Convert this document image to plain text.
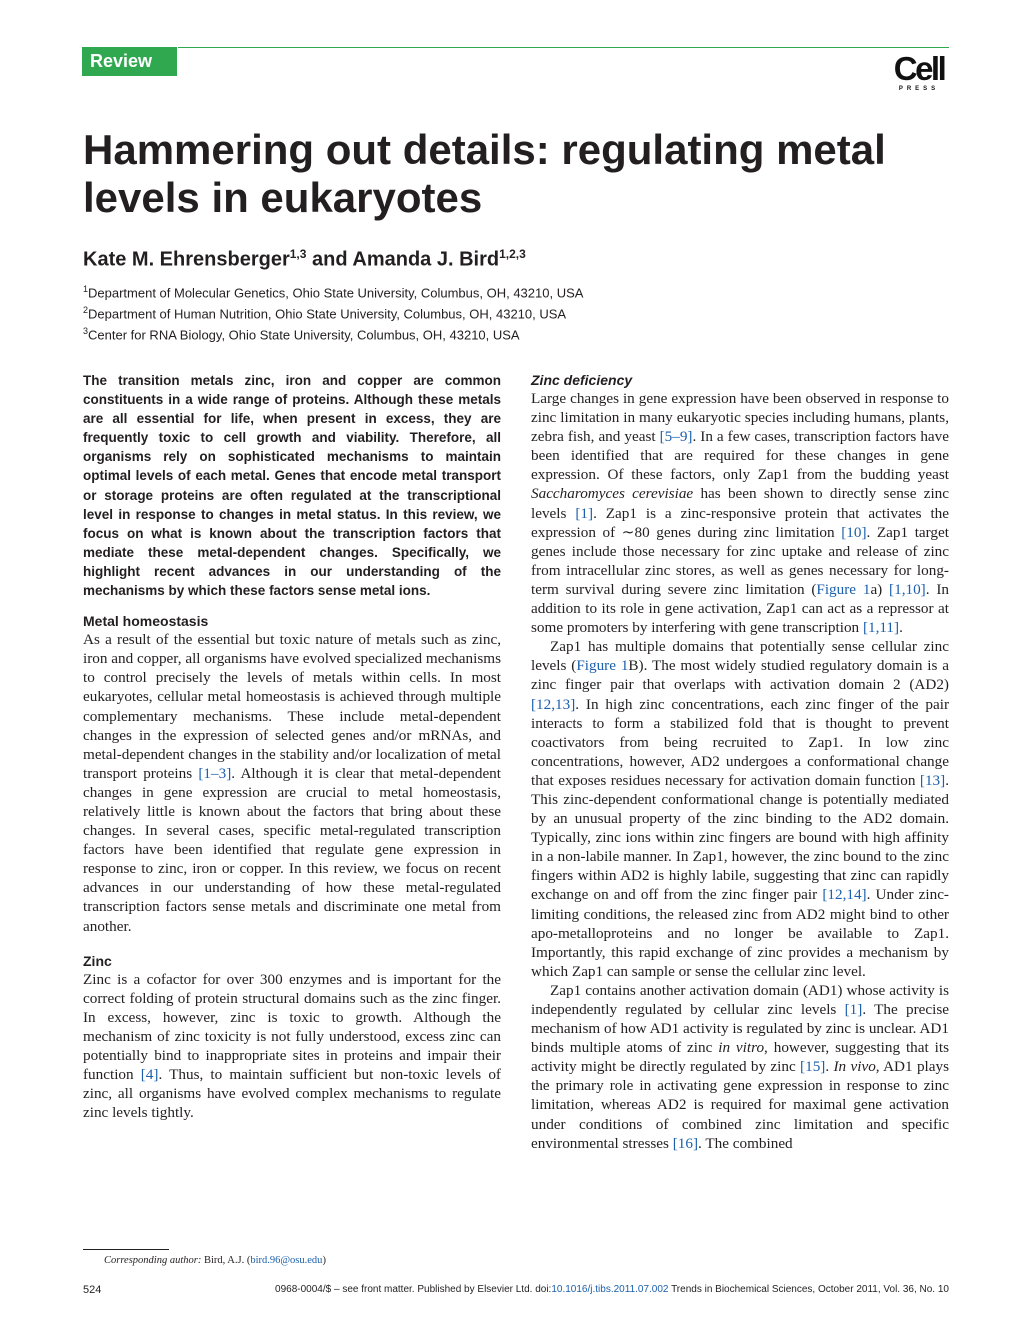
Review	Cell
PRESS
Hammering out details: regulating metal levels in eukaryotes
Kate M. Ehrensberger$^{1,3}$ and Amanda J. Bird$^{1,2,3}$
$^1$Department of Molecular Genetics, Ohio State University, Columbus, OH, 43210, USA
$^2$Department of Human Nutrition, Ohio State University, Columbus, OH, 43210, USA
$^3$Center for RNA Biology, Ohio State University, Columbus, OH, 43210, USA

The transition metals zinc, iron and copper are common constituents in a wide range of proteins. Although these metals are all essential for life, when present in excess, they are frequently toxic to cell growth and viability. Therefore, all organisms rely on sophisticated mechanisms to maintain optimal levels of each metal. Genes that encode metal transport or storage proteins are often regulated at the transcriptional level in response to changes in metal status. In this review, we focus on what is known about the transcription factors that mediate these metal-dependent changes. Specifically, we highlight recent advances in our understanding of the mechanisms by which these factors sense metal ions.

Metal homeostasis

As a result of the essential but toxic nature of metals such as zinc, iron and copper, all organisms have evolved specialized mechanisms to control precisely the levels of metals within cells. In most eukaryotes, cellular metal homeostasis is achieved through multiple complementary mechanisms. These include metal-dependent changes in the expression of selected genes and/or mRNAs, and metal-dependent changes in the stability and/or localization of metal transport proteins [1–3]. Although it is clear that metal-dependent changes in gene expression are crucial to metal homeostasis, relatively little is known about the factors that bring about these changes. In several cases, specific metal-regulated transcription factors have been identified that regulate gene expression in response to zinc, iron or copper. In this review, we focus on recent advances in our understanding of how these metal-regulated transcription factors sense metals and discriminate one metal from another.

Zinc

Zinc is a cofactor for over 300 enzymes and is important for the correct folding of protein structural domains such as the zinc finger. In excess, however, zinc is toxic to growth. Although the mechanism of zinc toxicity is not fully understood, excess zinc can potentially bind to inappropriate sites in proteins and impair their function [4]. Thus, to maintain sufficient but non-toxic levels of zinc, all organisms have evolved complex mechanisms to regulate zinc levels tightly.

Zinc deficiency

Large changes in gene expression have been observed in response to zinc limitation in many eukaryotic species including humans, plants, zebra fish, and yeast [5–9]. In a few cases, transcription factors have been identified that are required for these changes in gene expression. Of these factors, only Zap1 from the budding yeast Saccharomyces cerevisiae has been shown to directly sense zinc levels [1]. Zap1 is a zinc-responsive protein that activates the expression of ∼80 genes during zinc limitation [10]. Zap1 target genes include those necessary for zinc uptake and release of zinc from intracellular zinc stores, as well as genes necessary for long-term survival during severe zinc limitation (Figure 1a) [1,10]. In addition to its role in gene activation, Zap1 can act as a repressor at some promoters by interfering with gene transcription [1,11].

Zap1 has multiple domains that potentially sense cellular zinc levels (Figure 1B). The most widely studied regulatory domain is a zinc finger pair that overlaps with activation domain 2 (AD2) [12,13]. In high zinc concentrations, each zinc finger of the pair interacts to form a stabilized fold that is thought to prevent coactivators from being recruited to Zap1. In low zinc concentrations, however, AD2 undergoes a conformational change that exposes residues necessary for activation domain function [13]. This zinc-dependent conformational change is potentially mediated by an unusual property of the zinc binding to the AD2 domain. Typically, zinc ions within zinc fingers are bound with high affinity in a non-labile manner. In Zap1, however, the zinc bound to the zinc fingers within AD2 is highly labile, suggesting that zinc can rapidly exchange on and off from the zinc finger pair [12,14]. Under zinc-limiting conditions, the released zinc from AD2 might bind to other apo-metalloproteins and no longer be available to Zap1. Importantly, this rapid exchange of zinc provides a mechanism by which Zap1 can sample or sense the cellular zinc level.

Zap1 contains another activation domain (AD1) whose activity is independently regulated by cellular zinc levels [1]. The precise mechanism of how AD1 activity is regulated by zinc is unclear. AD1 binds multiple atoms of zinc in vitro, however, suggesting that its activity might be directly regulated by zinc [15]. In vivo, AD1 plays the primary role in activating gene expression in response to zinc limitation, whereas AD2 is required for maximal gene activation under conditions of combined zinc limitation and specific environmental stresses [16]. The combined

Corresponding author: Bird, A.J. (bird.96@osu.edu)
524	0968-0004/$ – see front matter. Published by Elsevier Ltd. doi:10.1016/j.tibs.2011.07.002 Trends in Biochemical Sciences, October 2011, Vol. 36, No. 10
